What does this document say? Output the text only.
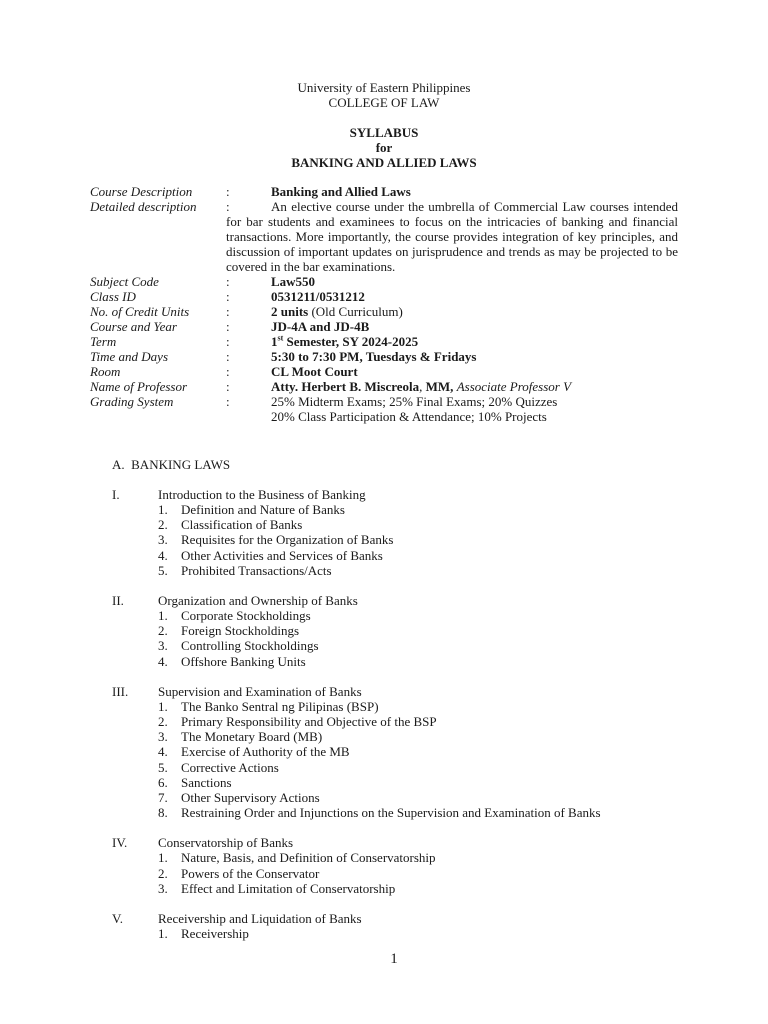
University of Eastern Philippines
COLLEGE OF LAW
SYLLABUS
for
BANKING AND ALLIED LAWS
Course Description	:	Banking and Allied Laws
Detailed description :	An elective course under the umbrella of Commercial Law courses intended for bar students and examinees to focus on the intricacies of banking and financial transactions. More importantly, the course provides integration of key principles, and discussion of important updates on jurisprudence and trends as may be projected to be covered in the bar examinations.
Subject Code	:	Law550
Class ID	:	0531211/0531212
No. of Credit Units	:	2 units (Old Curriculum)
Course and Year	:	JD-4A and JD-4B
Term	:	1st Semester, SY 2024-2025
Time and Days	:	5:30 to 7:30 PM, Tuesdays & Fridays
Room	:	CL Moot Court
Name of Professor	:	Atty. Herbert B. Miscreola, MM, Associate Professor V
Grading System	:	25% Midterm Exams; 25% Final Exams; 20% Quizzes
20% Class Participation & Attendance; 10% Projects
A.  BANKING LAWS
I.	Introduction to the Business of Banking
1. Definition and Nature of Banks
2. Classification of Banks
3. Requisites for the Organization of Banks
4. Other Activities and Services of Banks
5. Prohibited Transactions/Acts
II.	Organization and Ownership of Banks
1. Corporate Stockholdings
2. Foreign Stockholdings
3. Controlling Stockholdings
4. Offshore Banking Units
III. Supervision and Examination of Banks
1. The Banko Sentral ng Pilipinas (BSP)
2. Primary Responsibility and Objective of the BSP
3. The Monetary Board (MB)
4. Exercise of Authority of the MB
5. Corrective Actions
6. Sanctions
7. Other Supervisory Actions
8. Restraining Order and Injunctions on the Supervision and Examination of Banks
IV. Conservatorship of Banks
1. Nature, Basis, and Definition of Conservatorship
2. Powers of the Conservator
3. Effect and Limitation of Conservatorship
V.	Receivership and Liquidation of Banks
1. Receivership
1
